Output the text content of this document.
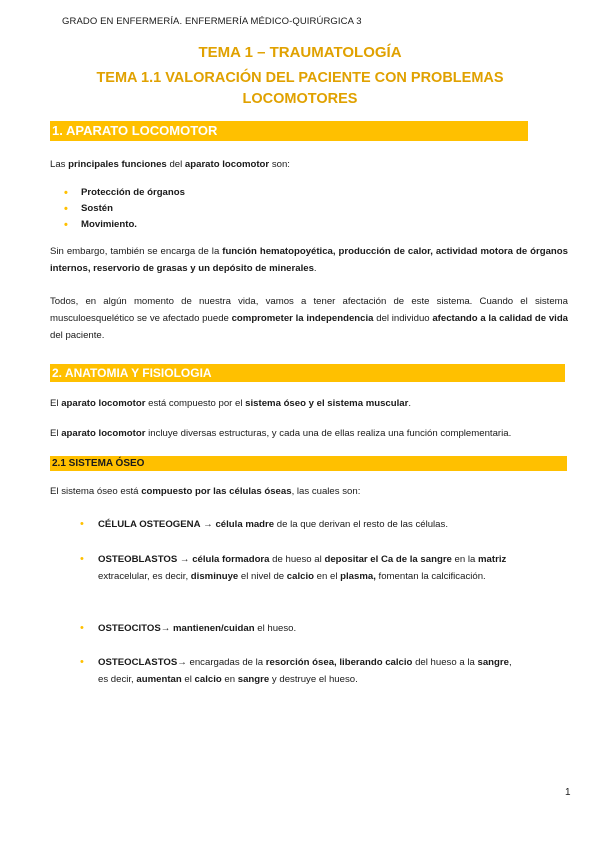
GRADO EN ENFERMERÍA. ENFERMERÍA MÉDICO-QUIRÚRGICA 3
TEMA 1 – TRAUMATOLOGÍA
TEMA 1.1 VALORACIÓN DEL PACIENTE CON PROBLEMAS LOCOMOTORES
1. APARATO LOCOMOTOR
Las principales funciones del aparato locomotor son:
• Protección de órganos
• Sostén
• Movimiento.
Sin embargo, también se encarga de la función hematopoyética, producción de calor, actividad motora de órganos internos, reservorio de grasas y un depósito de minerales.
Todos, en algún momento de nuestra vida, vamos a tener afectación de este sistema. Cuando el sistema musculoesquelético se ve afectado puede comprometer la independencia del individuo afectando a la calidad de vida del paciente.
2. ANATOMIA Y FISIOLOGIA
El aparato locomotor está compuesto por el sistema óseo y el sistema muscular.
El aparato locomotor incluye diversas estructuras, y cada una de ellas realiza una función complementaria.
2.1 SISTEMA ÓSEO
El sistema óseo está compuesto por las células óseas, las cuales son:
• CÉLULA OSTEOGENA → célula madre de la que derivan el resto de las células.
• OSTEOBLASTOS → célula formadora de hueso al depositar el Ca de la sangre en la matriz extracelular, es decir, disminuye el nivel de calcio en el plasma, fomentan la calcificación.
• OSTEOCITOS→ mantienen/cuidan el hueso.
• OSTEOCLASTOS→ encargadas de la resorción ósea, liberando calcio del hueso a la sangre, es decir, aumentan el calcio en sangre y destruye el hueso.
1
